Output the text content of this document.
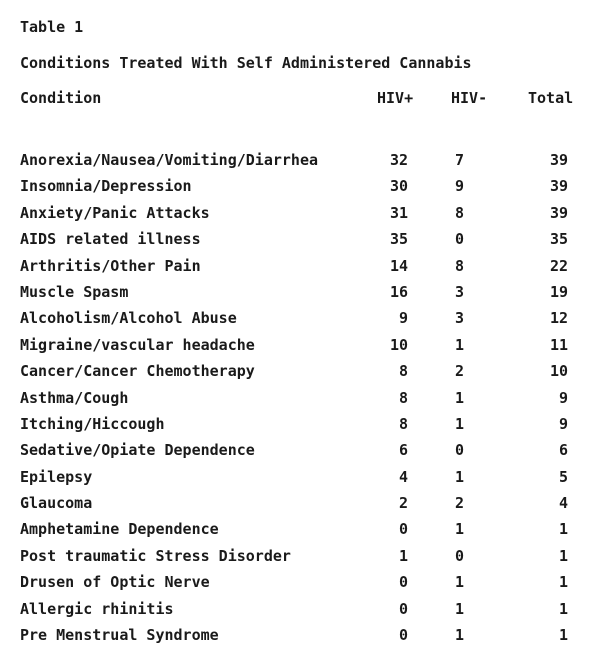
Table 1
Conditions Treated With Self Administered Cannabis
Condition	HIV+	HIV-	Total
Anorexia/Nausea/Vomiting/Diarrhea	32	7	39
Insomnia/Depression	30	9	39
Anxiety/Panic Attacks	31	8	39
AIDS related illness	35	0	35
Arthritis/Other Pain	14	8	22
Muscle Spasm	16	3	19
Alcoholism/Alcohol Abuse	9	3	12
Migraine/vascular headache	10	1	11
Cancer/Cancer Chemotherapy	8	2	10
Asthma/Cough	8	1	9
Itching/Hiccough	8	1	9
Sedative/Opiate Dependence	6	0	6
Epilepsy	4	1	5
Glaucoma	2	2	4
Amphetamine Dependence	0	1	1
Post traumatic Stress Disorder	1	0	1
Drusen of Optic Nerve	0	1	1
Allergic rhinitis	0	1	1
Pre Menstrual Syndrome	0	1	1
